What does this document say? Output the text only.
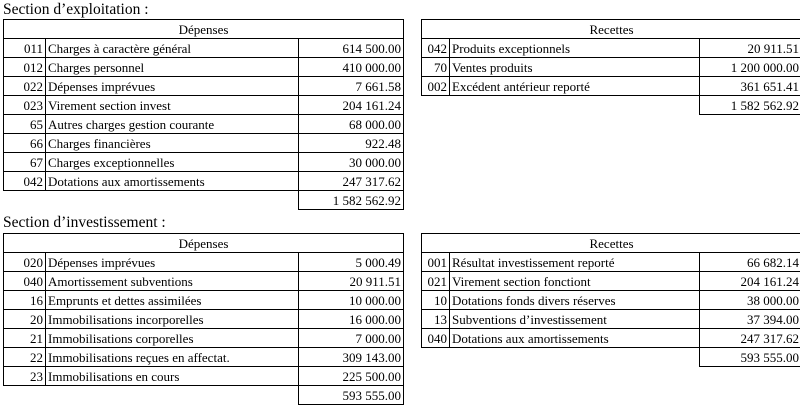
Section d’exploitation :
Dépenses		
011	Charges à caractère général	614 500.00
012	Charges personnel	410 000.00
022	Dépenses imprévues	7 661.58
023	Virement section invest	204 161.24
65	Autres charges gestion courante	68 000.00
66	Charges financières	922.48
67	Charges exceptionnelles	30 000.00
042	Dotations aux amortissements	247 317.62
		1 582 562.92
Recettes		
042	Produits exceptionnels	20 911.51
70	Ventes produits	1 200 000.00
002	Excédent antérieur reporté	361 651.41
		1 582 562.92
Section d’investissement :
Dépenses		
020	Dépenses imprévues	5 000.49
040	Amortissement subventions	20 911.51
16	Emprunts et dettes assimilées	10 000.00
20	Immobilisations incorporelles	16 000.00
21	Immobilisations corporelles	7 000.00
22	Immobilisations reçues en affectat.	309 143.00
23	Immobilisations en cours	225 500.00
		593 555.00
Recettes		
001	Résultat investissement reporté	66 682.14
021	Virement section fonctiont	204 161.24
10	Dotations fonds divers réserves	38 000.00
13	Subventions d’investissement	37 394.00
040	Dotations aux amortissements	247 317.62
		593 555.00
